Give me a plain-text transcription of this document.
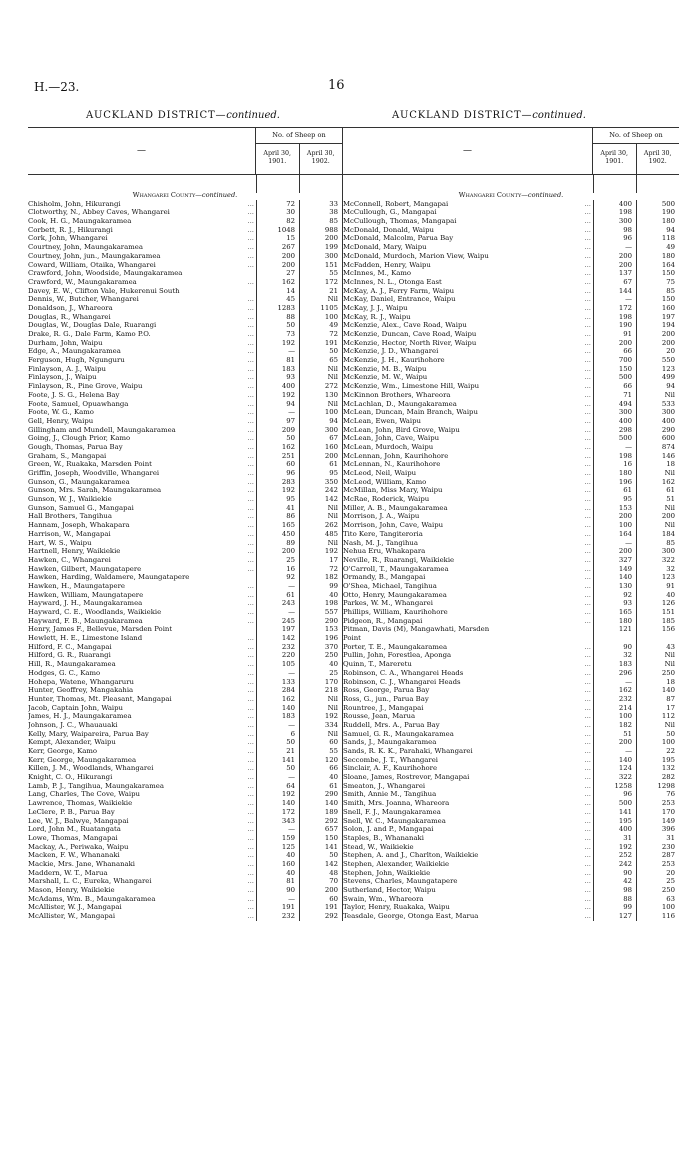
H.—23.	16
AUCKLAND DISTRICT—continued.	AUCKLAND DISTRICT—continued.
—
No. of Sheep on
April 30, 1901.
April 30, 1902.
Whangarei County—continued.
Chisholm, John, Hikurangi	...	72	33
Clotworthy, N., Abbey Caves, Whangarei	...	30	38
Cook, H. G., Maungakaramea	...	82	85
Corbett, R. J., Hikurangi	...	1048	988
Cork, John, Whangarei	...	15	200
Courtney, John, Maungakaramea	...	267	199
Courtney, John, jun., Maungakaramea	...	200	300
Coward, William, Otaika, Whangarei	...	200	151
Crawford, John, Woodside, Maungakaramea	27	55
Crawford, W., Maungakaramea	...	162	172
Davey, E. W., Clifton Vale, Hukerenui South	14	21
Dennis, W., Butcher, Whangarei	...	45	Nil
Donaldson, J., Whareora	...	1283	1105
Douglas, R., Whangarei	...	88	100
Douglas, W., Douglas Dale, Ruarangi	...	50	49
Drake, R. G., Dale Farm, Kamo P.O.	...	73	72
Durham, John, Waipu	...	192	191
Edge, A., Maungakaramea	...	—	50
Ferguson, Hugh, Ngunguru	...	81	65
Finlayson, A. J., Waipu	...	183	Nil
Finlayson, J., Waipu	...	93	Nil
Finlayson, R., Pine Grove, Waipu	...	400	272
Foote, J. S. G., Helena Bay	...	192	130
Foote, Samuel, Opuawhanga	...	94	Nil
Foote, W. G., Kamo	...	—	100
Gell, Henry, Waipu	...	97	94
Gillingham and Mundell, Maungakaramea	...	209	300
Going, J., Clough Prior, Kamo	...	50	67
Gough, Thomas, Parua Bay	...	162	160
Graham, S., Mangapai	...	251	200
Green, W., Ruakaka, Marsden Point	...	60	61
Griffin, Joseph, Woodville, Whangarei	...	96	95
Gunson, G., Maungakaramea	...	283	350
Gunson, Mrs. Sarah, Maungakaramea	...	192	242
Gunson, W. J., Waikiekie	...	95	142
Gunson, Samuel G., Mangapai	...	41	Nil
Hall Brothers, Tangihua	...	86	Nil
Hannam, Joseph, Whakapara	...	165	262
Harrison, W., Mangapai	...	450	485
Hart, W. S., Waipu	...	89	Nil
Hartnell, Henry, Waikiekie	...	200	192
Hawken, C., Whangarei	...	25	17
Hawken, Gilbert, Maungatapere	...	16	72
Hawken, Harding, Waldamere, Maungatapere	92	182
Hawken, H., Maungatapere	...	—	99
Hawken, William, Maungatapere	...	61	40
Hayward, J. H., Maungakaramea	...	243	198
Hayward, C. E., Woodlands, Waikiekie	...	—	557
Hayward, F. B., Maungakaramea	...	245	290
Henry, James F., Bellevue, Marsden Point	197	153
Hewlett, H. E., Limestone Island	...	142	196
Hilford, F. C., Mangapai	...	232	370
Hilford, G. R., Ruarangi	...	220	250
Hill, R., Maungakaramea	...	105	40
Hodges, G. C., Kamo	...	—	25
Hohepa, Watene, Whangaruru	...	133	170
Hunter, Geoffrey, Mangakahia	...	284	218
Hunter, Thomas, Mt. Pleasant, Mangapai	...	162	Nil
Jacob, Captain John, Waipu	...	140	Nil
James, H. J., Maungakaramea	...	183	192
Johnson, J. C., Whauauaki	...	—	334
Kelly, Mary, Waipareira, Parua Bay	...	6	Nil
Kempt, Alexander, Waipu	...	50	60
Kerr, George, Kamo	...	21	55
Kerr, George, Maungakaramea	...	141	120
Killen, J. M., Woodlands, Whangarei	...	50	66
Knight, C. O., Hikurangi	...	—	40
Lamb, P. J., Tangihua, Maungakaramea	...	64	61
Lang, Charles, The Cove, Waipu	...	192	290
Lawrence, Thomas, Waikiekie	...	140	140
LeClere, P. B., Parua Bay	...	172	189
Lee, W. J., Balwye, Mangapai	...	343	292
Lord, John M., Ruatangata	...	—	657
Lowe, Thomas, Mangapai	...	159	150
Mackay, A., Periwaka, Waipu	...	125	141
Macken, F. W., Whananaki	...	40	50
Mackie, Mrs. Jane, Whananaki	...	160	142
Maddern, W. T., Marua	...	40	48
Marshall, L. C., Eureka, Whangarei	...	81	70
Mason, Henry, Waikiekie	...	90	200
McAdams, Wm. B., Maungakaramea	...	—	60
McAllister, W. J., Mangapai	...	191	191
McAllister, W., Mangapai	...	232	292
—
No. of Sheep on
April 30, 1901.
April 30, 1902.
Whangarei County—continued.
McConnell, Robert, Mangapai	...	400	500
McCullough, G., Mangapai	...	198	190
McCullough, Thomas, Mangapai	...	300	180
McDonald, Donald, Waipu	...	98	94
McDonald, Malcolm, Parua Bay	...	96	118
McDonald, Mary, Waipu	...	—	49
McDonald, Murdoch, Marion View, Waipu	...	200	180
McFadden, Henry, Waipu	...	200	164
McInnes, M., Kamo	...	137	150
McInnes, N. L., Otonga East	...	67	75
McKay, A. J., Ferry Farm, Waipu	...	144	85
McKay, Daniel, Entrance, Waipu	...	—	150
McKay, J. J., Waipu	...	172	160
McKay, R. J., Waipu	...	198	197
McKenzie, Alex., Cave Road, Waipu	...	190	194
McKenzie, Duncan, Cave Road, Waipu	...	91	200
McKenzie, Hector, North River, Waipu	...	200	200
McKenzie, J. D., Whangarei	...	66	20
McKenzie, J. H., Kaurihohore	...	700	550
McKenzie, M. B., Waipu	...	150	123
McKenzie, M. W., Waipu	...	500	499
McKenzie, Wm., Limestone Hill, Waipu	...	66	94
McKinnon Brothers, Whareora	...	71	Nil
McLachlan, D., Maungakaramea	...	494	533
McLean, Duncan, Main Branch, Waipu	...	300	300
McLean, Ewen, Waipu	...	400	400
McLean, John, Bird Grove, Waipu	...	298	290
McLean, John, Cave, Waipu	...	500	600
McLean, Murdoch, Waipu	...	—	874
McLennan, John, Kaurihohore	...	198	146
McLennan, N., Kaurihohore	...	16	18
McLeod, Neil, Waipu	...	180	Nil
McLeod, William, Kamo	...	196	162
McMillan, Miss Mary, Waipu	...	61	61
McRae, Roderick, Waipu	...	95	51
Miller, A. B., Maungakaramea	...	153	Nil
Morrison, J. A., Waipu	...	200	200
Morrison, John, Cave, Waipu	...	100	Nil
Tito Kere, Tangiteroria	...	164	184
Nash, M. J., Tangihua	...	—	85
Nehua Eru, Whakapara	...	200	300
Neville, R., Ruarangi, Waikiekie	...	327	322
O'Carroll, T., Maungakaramea	...	149	32
Ormandy, B., Mangapai	...	140	123
O'Shea, Michael, Tangihua	...	130	91
Otto, Henry, Maungakaramea	...	92	40
Parkes, W. M., Whangarei	...	93	126
Phillips, William, Kaurihohore	...	165	151
Pidgeon, R., Mangapai	...	180	185
Pitman, Davis (M), Mangawhati, Marsden	121	156
Point
Porter, T. E., Maungakaramea	...	90	43
Pullin, John, Forestlea, Aponga	...	32	Nil
Quinn, T., Mareretu	...	183	Nil
Robinson, C. A., Whangarei Heads	...	296	250
Robinson, C. J., Whangarei Heads	...	—	18
Ross, George, Parua Bay	...	162	140
Ross, G., jun., Parua Bay	...	232	87
Rountree, J., Mangapai	...	214	17
Rousse, Jean, Marua	...	100	112
Ruddell, Mrs. A., Parua Bay	...	182	Nil
Samuel, G. R., Maungakaramea	...	51	50
Sands, J., Maungakaramea	...	200	100
Sands, R. K. K., Parahaki, Whangarei	...	—	22
Seccombe, J. T., Whangarei	...	140	195
Sinclair, A. F., Kaurihohore	...	124	132
Sloane, James, Rostrevor, Mangapai	...	322	282
Smeaton, J., Whangarei	...	1258	1298
Smith, Annie M., Tangihua	...	96	76
Smith, Mrs. Joanna, Whareora	...	500	253
Snell, F. J., Maungakaramea	...	141	170
Snell, W. C., Maungakaramea	...	195	149
Solon, J. and P., Mangapai	...	400	396
Staples, B., Whananaki	...	31	31
Stead, W., Waikiekie	...	192	230
Stephen, A. and J., Charlton, Waikiekie	...	252	287
Stephen, Alexander, Waikiekie	...	242	253
Stephen, John, Waikiekie	...	90	20
Stevens, Charles, Maungatapere	...	42	25
Sutherland, Hector, Waipu	...	98	250
Swain, Wm., Whareora	...	88	63
Taylor, Henry, Ruakaka, Waipu	...	99	100
Teasdale, George, Otonga East, Marua	...	127	116
